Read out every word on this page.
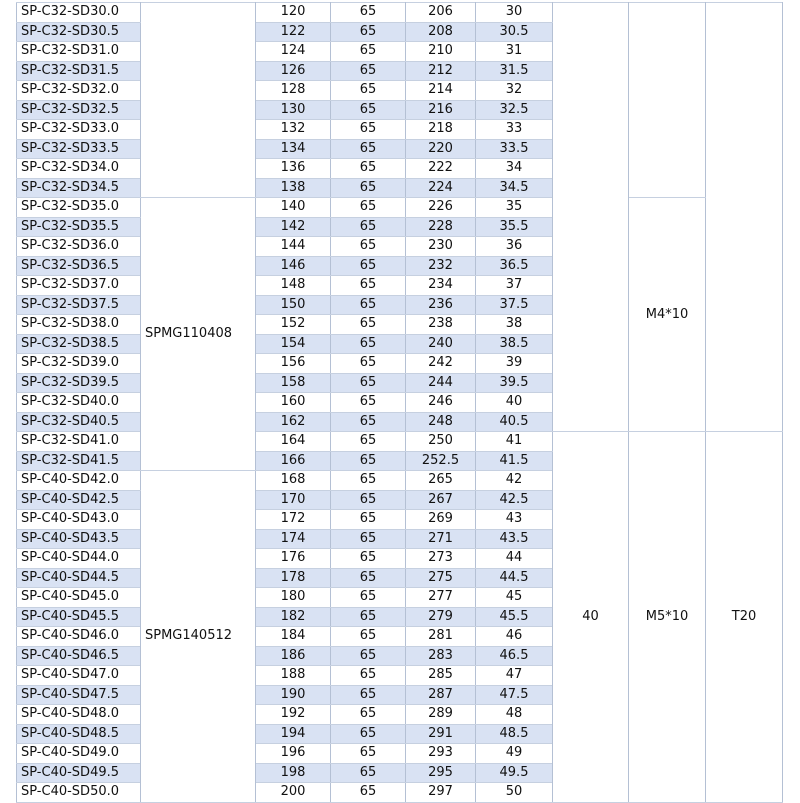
SP-C32-SD30.0		120	65	206	30			
SP-C32-SD30.5		122	65	208	30.5			
SP-C32-SD31.0		124	65	210	31			
SP-C32-SD31.5		126	65	212	31.5			
SP-C32-SD32.0		128	65	214	32			
SP-C32-SD32.5		130	65	216	32.5			
SP-C32-SD33.0		132	65	218	33			
SP-C32-SD33.5		134	65	220	33.5			
SP-C32-SD34.0		136	65	222	34			
SP-C32-SD34.5		138	65	224	34.5			
SP-C32-SD35.0	SPMG110408	140	65	226	35		M4*10	
SP-C32-SD35.5		142	65	228	35.5			
SP-C32-SD36.0		144	65	230	36			
SP-C32-SD36.5		146	65	232	36.5			
SP-C32-SD37.0		148	65	234	37			
SP-C32-SD37.5		150	65	236	37.5			
SP-C32-SD38.0		152	65	238	38			
SP-C32-SD38.5		154	65	240	38.5			
SP-C32-SD39.0		156	65	242	39			
SP-C32-SD39.5		158	65	244	39.5			
SP-C32-SD40.0		160	65	246	40			
SP-C32-SD40.5		162	65	248	40.5			
SP-C32-SD41.0		164	65	250	41	40	M5*10	T20
SP-C32-SD41.5		166	65	252.5	41.5			
SP-C40-SD42.0	SPMG140512	168	65	265	42			
SP-C40-SD42.5		170	65	267	42.5			
SP-C40-SD43.0		172	65	269	43			
SP-C40-SD43.5		174	65	271	43.5			
SP-C40-SD44.0		176	65	273	44			
SP-C40-SD44.5		178	65	275	44.5			
SP-C40-SD45.0		180	65	277	45			
SP-C40-SD45.5		182	65	279	45.5			
SP-C40-SD46.0		184	65	281	46			
SP-C40-SD46.5		186	65	283	46.5			
SP-C40-SD47.0		188	65	285	47			
SP-C40-SD47.5		190	65	287	47.5			
SP-C40-SD48.0		192	65	289	48			
SP-C40-SD48.5		194	65	291	48.5			
SP-C40-SD49.0		196	65	293	49			
SP-C40-SD49.5		198	65	295	49.5			
SP-C40-SD50.0		200	65	297	50			
